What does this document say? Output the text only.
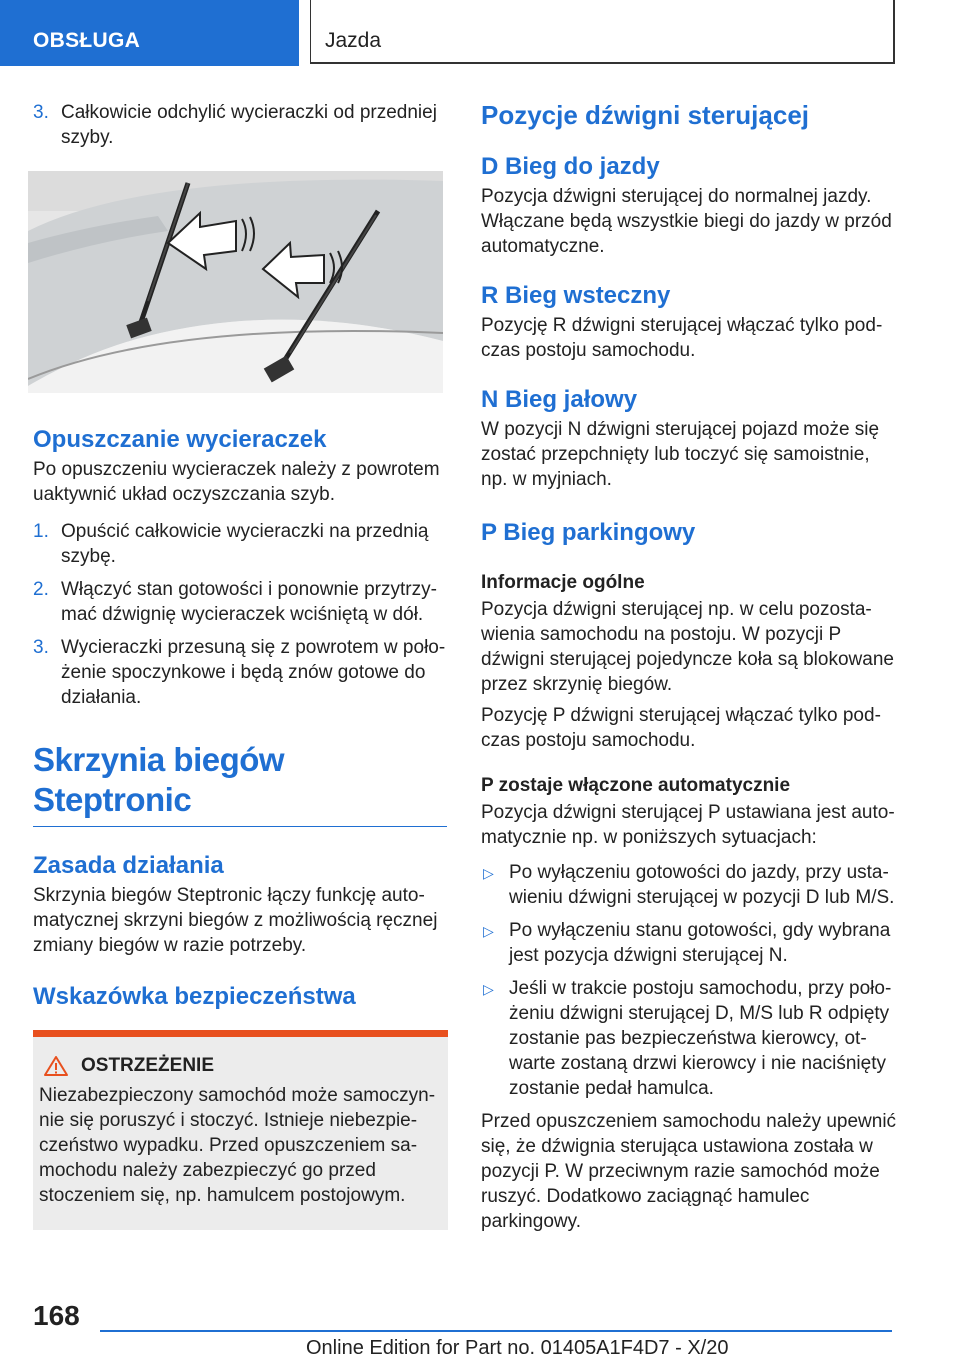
OBSŁUGA	Jazda
3. Całkowicie odchylić wycieraczki od przedniej szyby.
Opuszczanie wycieraczek
Po opuszczeniu wycieraczek należy z powrotem uaktywnić układ oczyszczania szyb.
1. Opuścić całkowicie wycieraczki na przednią szybę.
2. Włączyć stan gotowości i ponownie przytrzymać dźwignię wycieraczek wciśniętą w dół.
3. Wycieraczki przesuną się z powrotem w położenie spoczynkowe i będą znów gotowe do działania.
Skrzynia biegów Steptronic
Zasada działania
Skrzynia biegów Steptronic łączy funkcję automatycznej skrzyni biegów z możliwością ręcznej zmiany biegów w razie potrzeby.
Wskazówka bezpieczeństwa
OSTRZEŻENIE
Niezabezpieczony samochód może samoczynnie się poruszyć i stoczyć. Istnieje niebezpieczeństwo wypadku. Przed opuszczeniem samochodu należy zabezpieczyć go przed stoczeniem się, np. hamulcem postojowym.
Pozycje dźwigni sterującej
D Bieg do jazdy
Pozycja dźwigni sterującej do normalnej jazdy. Włączane będą wszystkie biegi do jazdy w przód automatyczne.
R Bieg wsteczny
Pozycję R dźwigni sterującej włączać tylko podczas postoju samochodu.
N Bieg jałowy
W pozycji N dźwigni sterującej pojazd może się zostać przepchnięty lub toczyć się samoistnie, np. w myjniach.
P Bieg parkingowy
Informacje ogólne
Pozycja dźwigni sterującej np. w celu pozostawienia samochodu na postoju. W pozycji P dźwigni sterującej pojedyncze koła są blokowane przez skrzynię biegów.
Pozycję P dźwigni sterującej włączać tylko podczas postoju samochodu.
P zostaje włączone automatycznie
Pozycja dźwigni sterującej P ustawiana jest automatycznie np. w poniższych sytuacjach:
▷ Po wyłączeniu gotowości do jazdy, przy ustawieniu dźwigni sterującej w pozycji D lub M/S.
▷ Po wyłączeniu stanu gotowości, gdy wybrana jest pozycja dźwigni sterującej N.
▷ Jeśli w trakcie postoju samochodu, przy położeniu dźwigni sterującej D, M/S lub R odpięty zostanie pas bezpieczeństwa kierowcy, otwarte zostaną drzwi kierowcy i nie naciśnięty zostanie pedał hamulca.
Przed opuszczeniem samochodu należy upewnić się, że dźwignia sterująca ustawiona została w pozycji P. W przeciwnym razie samochód może ruszyć. Dodatkowo zaciągnąć hamulec parkingowy.
168
Online Edition for Part no. 01405A1F4D7 - X/20
